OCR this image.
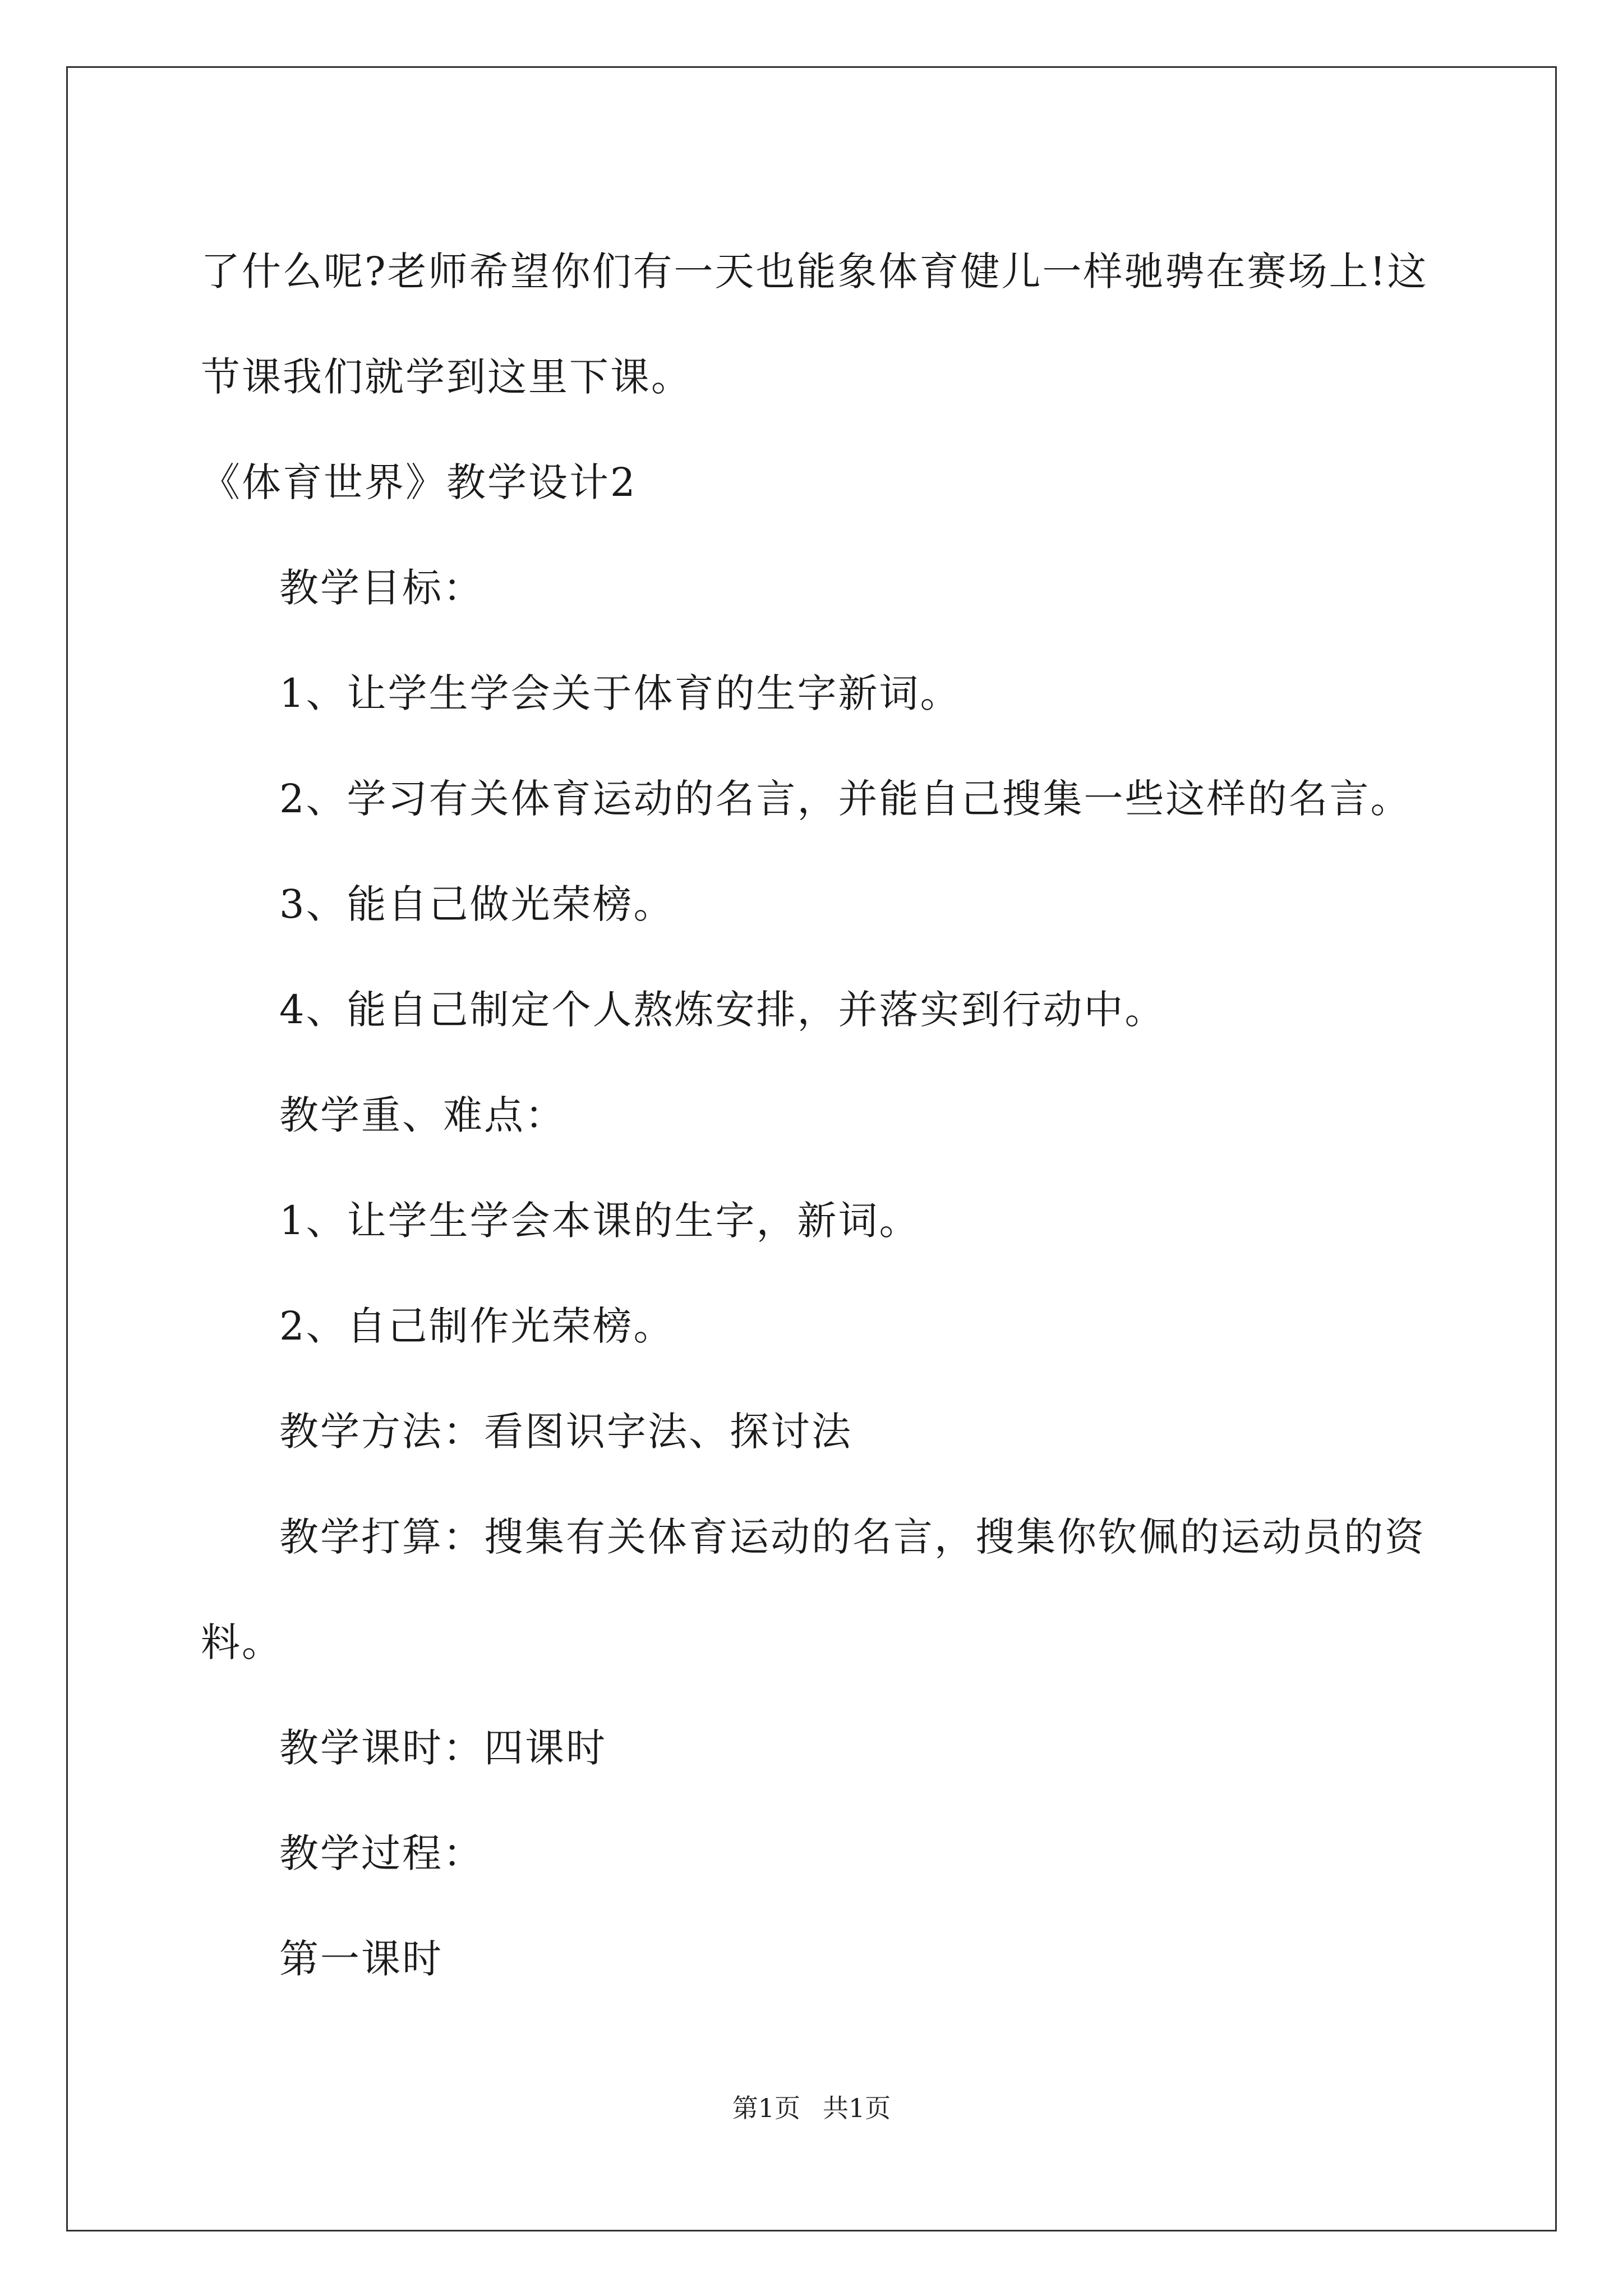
了什么呢?老师希望你们有一天也能象体育健儿一样驰骋在赛场上!这

节课我们就学到这里下课。

《体育世界》教学设计2

教学目标：

1、让学生学会关于体育的生字新词。

2、学习有关体育运动的名言，并能自己搜集一些这样的名言。

3、能自己做光荣榜。

4、能自己制定个人熬炼安排，并落实到行动中。

教学重、难点：

1、让学生学会本课的生字，新词。

2、自己制作光荣榜。

教学方法：看图识字法、探讨法

教学打算：搜集有关体育运动的名言，搜集你钦佩的运动员的资

料。

教学课时：四课时

教学过程：

第一课时

第1页 共1页
